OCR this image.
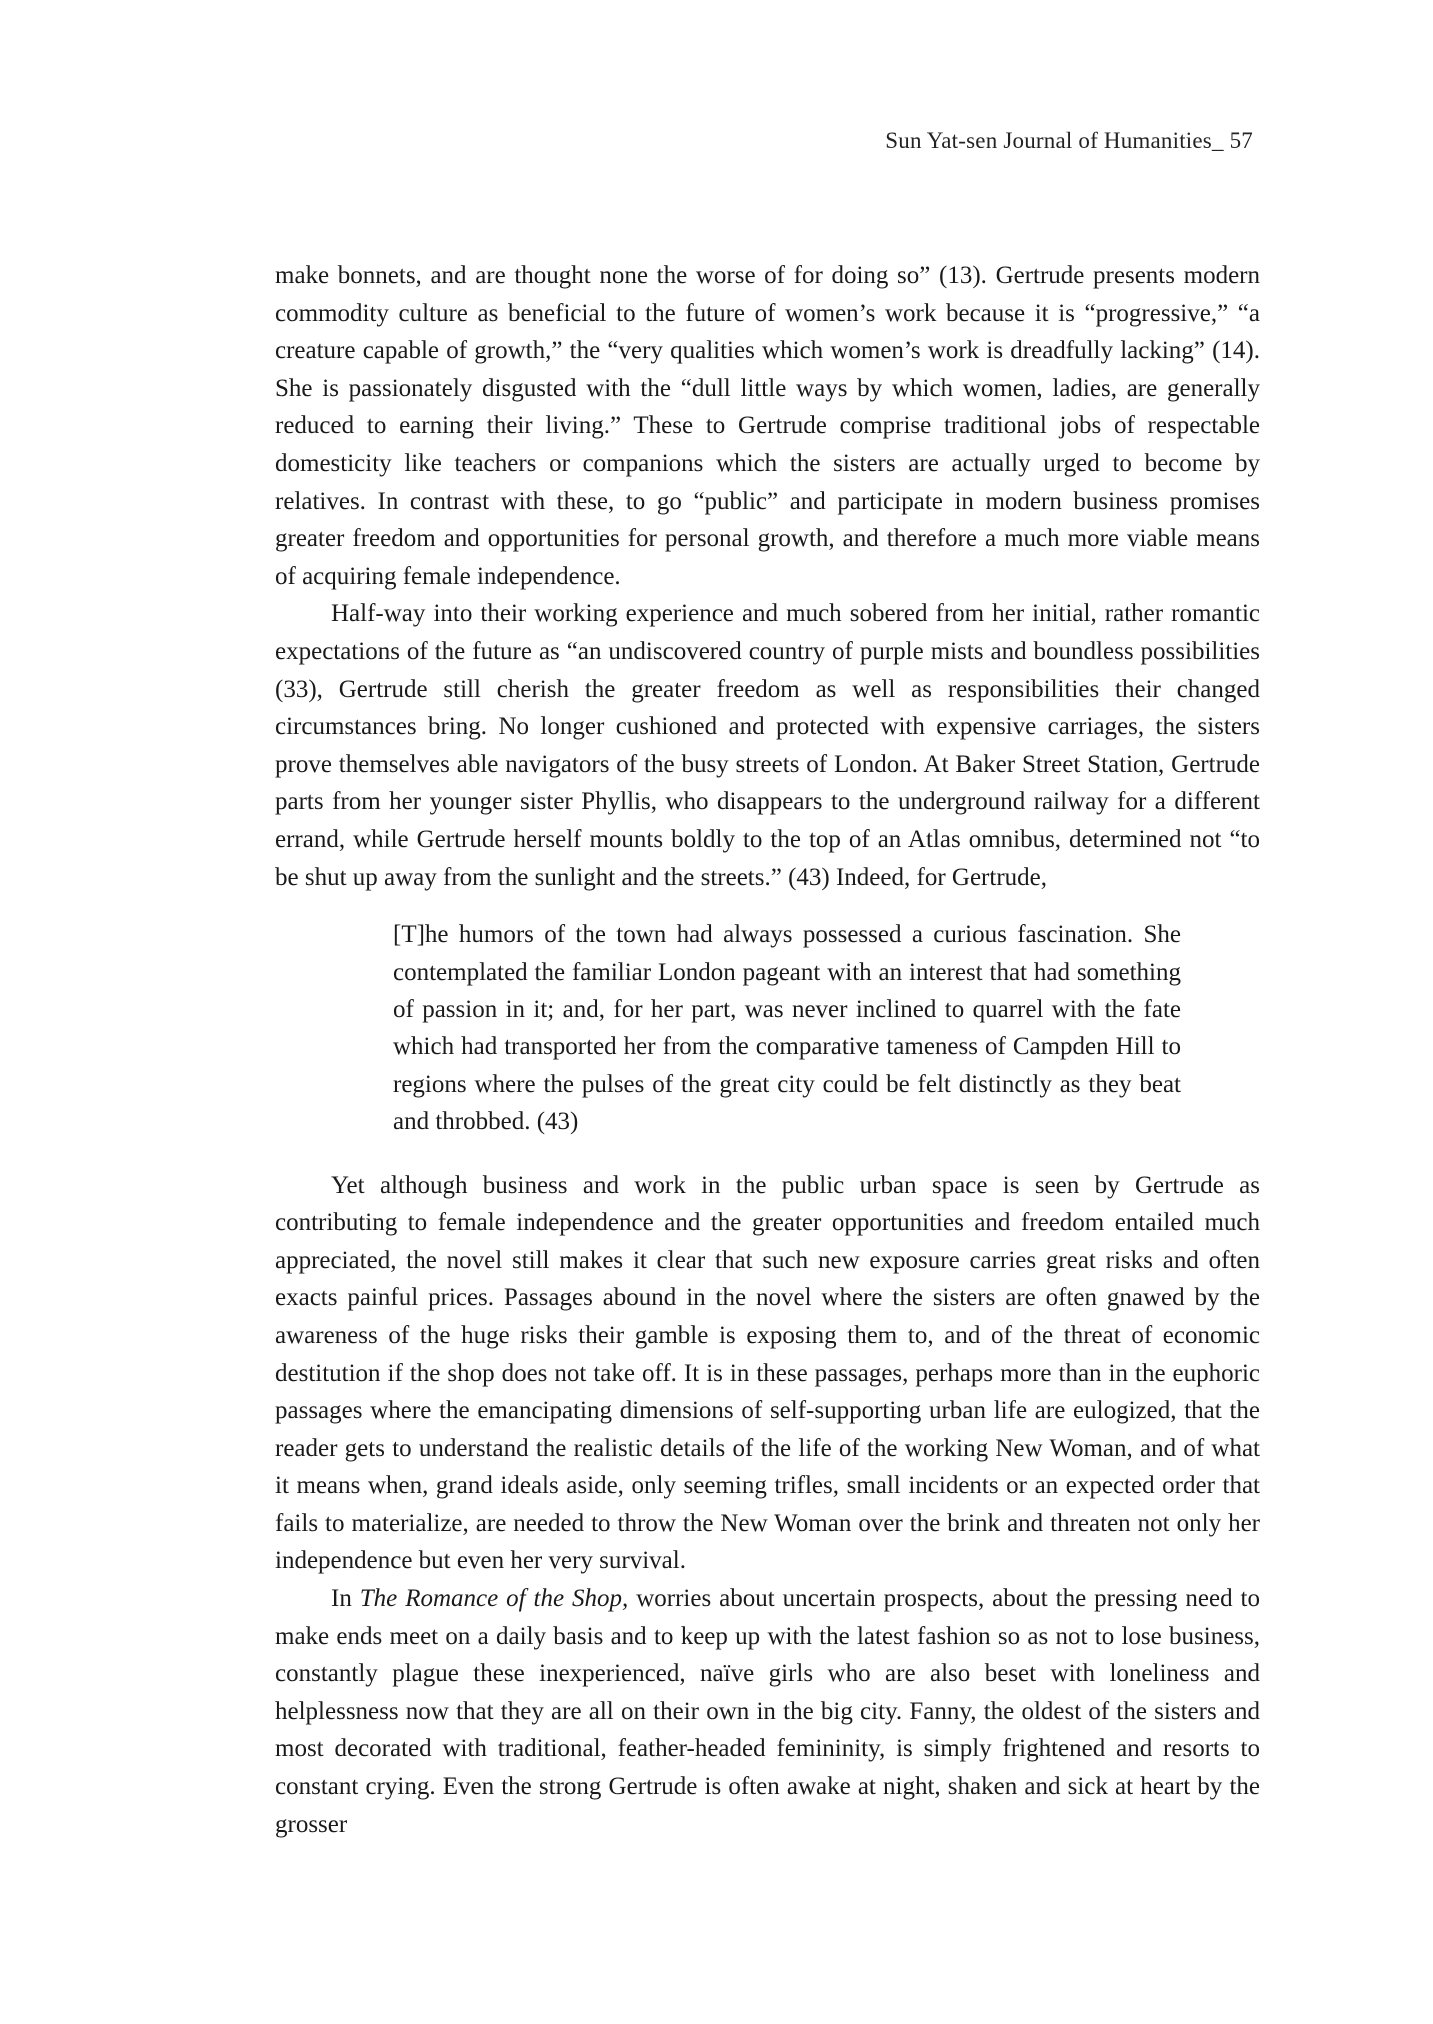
Sun Yat-sen Journal of Humanities_ 57

make bonnets, and are thought none the worse of for doing so” (13). Gertrude presents modern commodity culture as beneficial to the future of women’s work because it is “progressive,” “a creature capable of growth,” the “very qualities which women’s work is dreadfully lacking” (14). She is passionately disgusted with the “dull little ways by which women, ladies, are generally reduced to earning their living.” These to Gertrude comprise traditional jobs of respectable domesticity like teachers or companions which the sisters are actually urged to become by relatives. In contrast with these, to go “public” and participate in modern business promises greater freedom and opportunities for personal growth, and therefore a much more viable means of acquiring female independence.

Half-way into their working experience and much sobered from her initial, rather romantic expectations of the future as “an undiscovered country of purple mists and boundless possibilities (33), Gertrude still cherish the greater freedom as well as responsibilities their changed circumstances bring. No longer cushioned and protected with expensive carriages, the sisters prove themselves able navigators of the busy streets of London. At Baker Street Station, Gertrude parts from her younger sister Phyllis, who disappears to the underground railway for a different errand, while Gertrude herself mounts boldly to the top of an Atlas omnibus, determined not “to be shut up away from the sunlight and the streets.” (43) Indeed, for Gertrude,

[T]he humors of the town had always possessed a curious fascination. She contemplated the familiar London pageant with an interest that had something of passion in it; and, for her part, was never inclined to quarrel with the fate which had transported her from the comparative tameness of Campden Hill to regions where the pulses of the great city could be felt distinctly as they beat and throbbed. (43)

Yet although business and work in the public urban space is seen by Gertrude as contributing to female independence and the greater opportunities and freedom entailed much appreciated, the novel still makes it clear that such new exposure carries great risks and often exacts painful prices. Passages abound in the novel where the sisters are often gnawed by the awareness of the huge risks their gamble is exposing them to, and of the threat of economic destitution if the shop does not take off. It is in these passages, perhaps more than in the euphoric passages where the emancipating dimensions of self-supporting urban life are eulogized, that the reader gets to understand the realistic details of the life of the working New Woman, and of what it means when, grand ideals aside, only seeming trifles, small incidents or an expected order that fails to materialize, are needed to throw the New Woman over the brink and threaten not only her independence but even her very survival.

In The Romance of the Shop, worries about uncertain prospects, about the pressing need to make ends meet on a daily basis and to keep up with the latest fashion so as not to lose business, constantly plague these inexperienced, naïve girls who are also beset with loneliness and helplessness now that they are all on their own in the big city. Fanny, the oldest of the sisters and most decorated with traditional, feather-headed femininity, is simply frightened and resorts to constant crying. Even the strong Gertrude is often awake at night, shaken and sick at heart by the grosser
